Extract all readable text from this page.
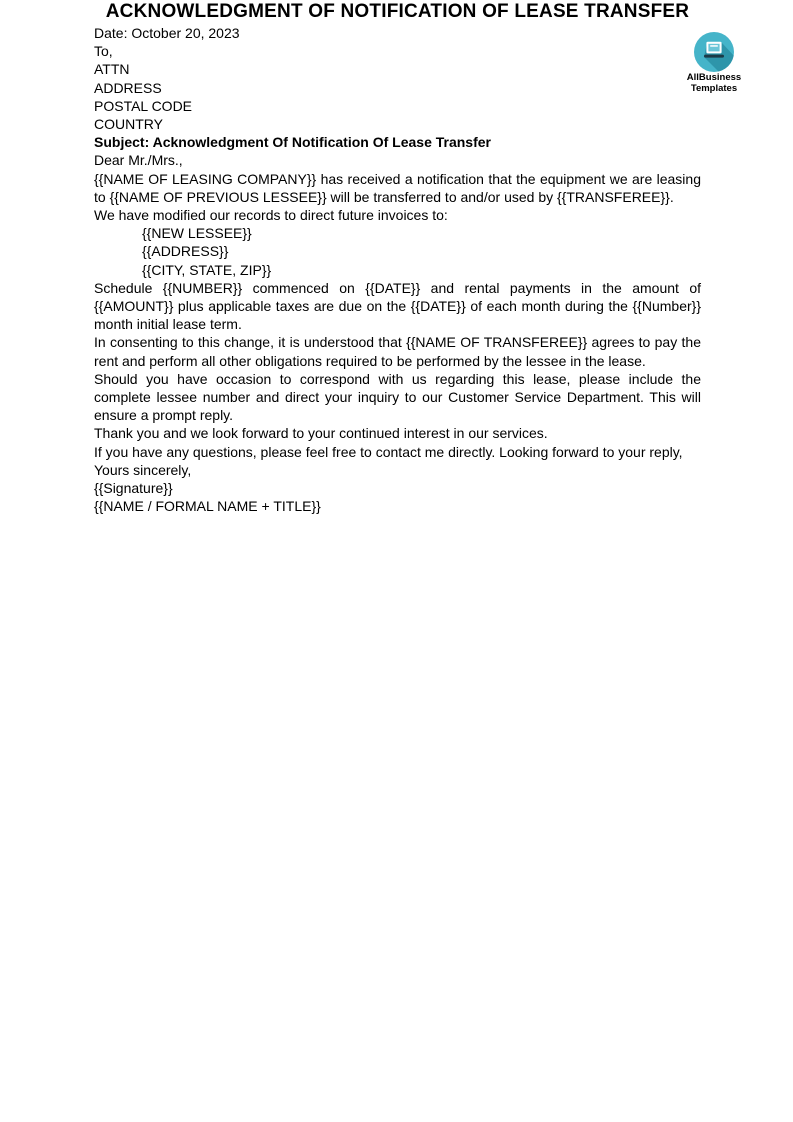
AllBusiness
Templates
ACKNOWLEDGMENT OF NOTIFICATION OF LEASE TRANSFER

Date: October 20, 2023

To,
ATTN
ADDRESS
POSTAL CODE
COUNTRY

Subject: Acknowledgment Of Notification Of Lease Transfer

Dear Mr./Mrs.,

{{NAME OF LEASING COMPANY}} has received a notification that the equipment we are leasing to {{NAME OF PREVIOUS LESSEE}} will be transferred to and/or used by {{TRANSFEREE}}.

We have modified our records to direct future invoices to:

{{NEW LESSEE}}

{{ADDRESS}}

{{CITY, STATE, ZIP}}

Schedule {{NUMBER}} commenced on {{DATE}} and rental payments in the amount of {{AMOUNT}} plus applicable taxes are due on the {{DATE}} of each month during the {{Number}} month initial lease term.

In consenting to this change, it is understood that {{NAME OF TRANSFEREE}} agrees to pay the rent and perform all other obligations required to be performed by the lessee in the lease.

Should you have occasion to correspond with us regarding this lease, please include the complete lessee number and direct your inquiry to our Customer Service Department. This will ensure a prompt reply.

Thank you and we look forward to your continued interest in our services.

If you have any questions, please feel free to contact me directly. Looking forward to your reply,

Yours sincerely,

{{Signature}}
{{NAME / FORMAL NAME + TITLE}}
